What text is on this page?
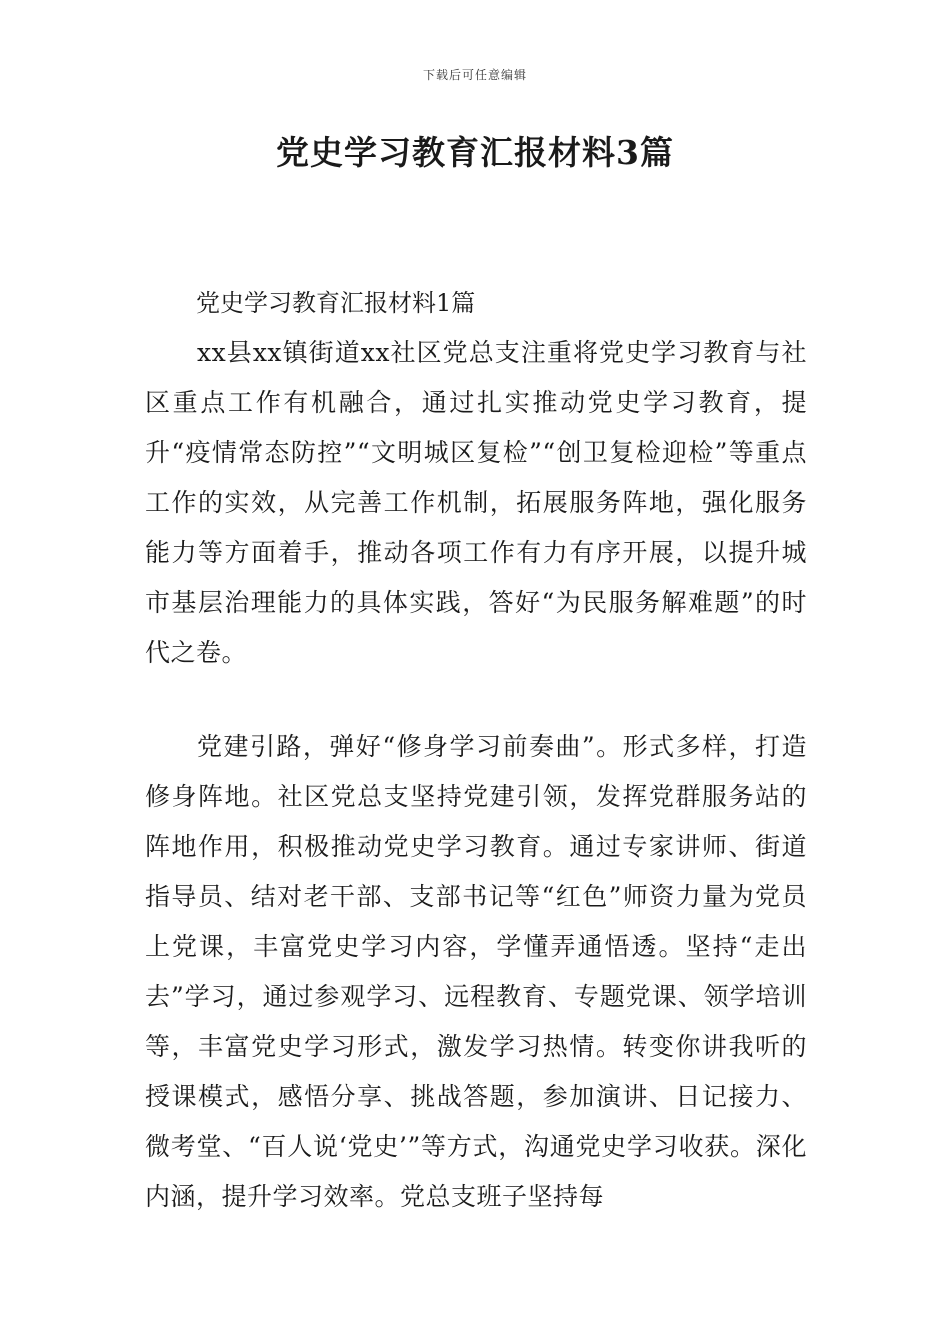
下载后可任意编辑
党史学习教育汇报材料3篇

党史学习教育汇报材料1篇

xx县xx镇街道xx社区党总支注重将党史学习教育与社区重点工作有机融合，通过扎实推动党史学习教育，提升“疫情常态防控”“文明城区复检”“创卫复检迎检”等重点工作的实效，从完善工作机制，拓展服务阵地，强化服务能力等方面着手，推动各项工作有力有序开展，以提升城市基层治理能力的具体实践，答好“为民服务解难题”的时代之卷。

党建引路，弹好“修身学习前奏曲”。形式多样，打造修身阵地。社区党总支坚持党建引领，发挥党群服务站的阵地作用，积极推动党史学习教育。通过专家讲师、街道指导员、结对老干部、支部书记等“红色”师资力量为党员上党课，丰富党史学习内容，学懂弄通悟透。坚持“走出去”学习，通过参观学习、远程教育、专题党课、领学培训等，丰富党史学习形式，激发学习热情。转变你讲我听的授课模式，感悟分享、挑战答题，参加演讲、日记接力、微考堂、“百人说‘党史’”等方式，沟通党史学习收获。深化内涵，提升学习效率。党总支班子坚持每
